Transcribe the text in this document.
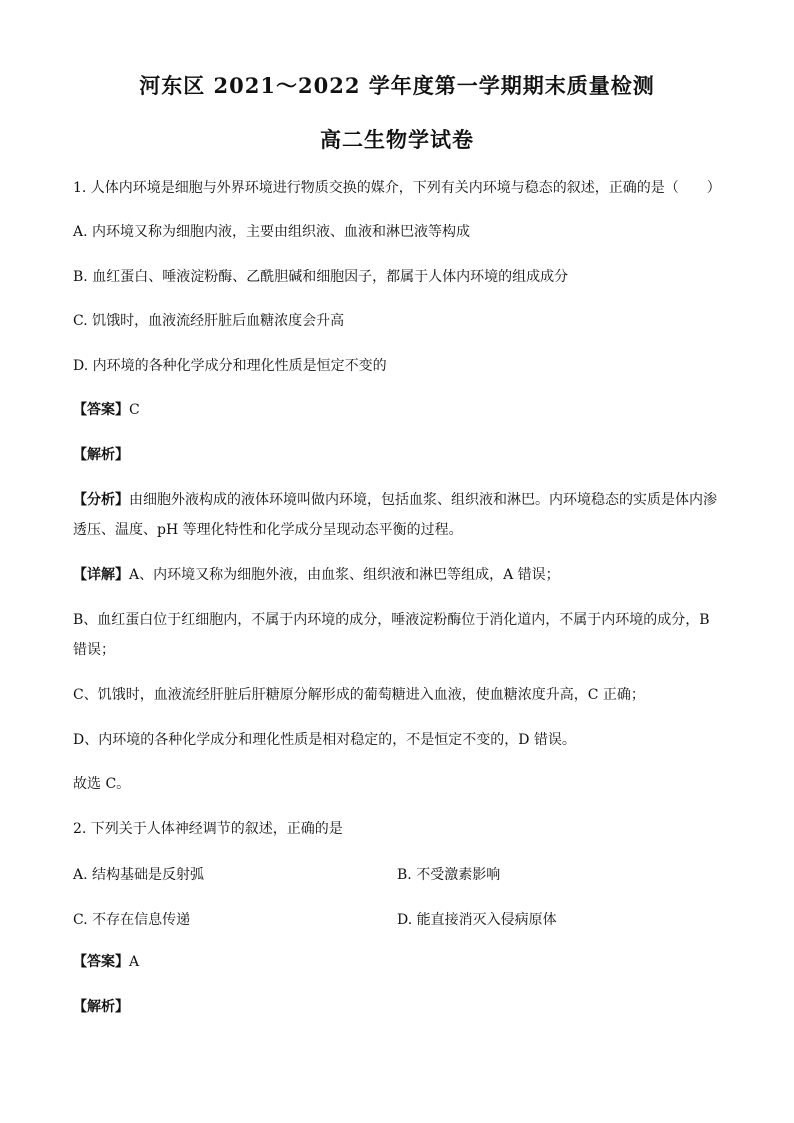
河东区 2021～2022 学年度第一学期期末质量检测
高二生物学试卷
1. 人体内环境是细胞与外界环境进行物质交换的媒介，下列有关内环境与稳态的叙述，正确的是（　　）
A. 内环境又称为细胞内液，主要由组织液、血液和淋巴液等构成
B. 血红蛋白、唾液淀粉酶、乙酰胆碱和细胞因子，都属于人体内环境的组成成分
C. 饥饿时，血液流经肝脏后血糖浓度会升高
D. 内环境的各种化学成分和理化性质是恒定不变的
【答案】C
【解析】
【分析】由细胞外液构成的液体环境叫做内环境，包括血浆、组织液和淋巴。内环境稳态的实质是体内渗
透压、温度、pH 等理化特性和化学成分呈现动态平衡的过程。
【详解】A、内环境又称为细胞外液，由血浆、组织液和淋巴等组成，A 错误；
B、血红蛋白位于红细胞内，不属于内环境的成分，唾液淀粉酶位于消化道内，不属于内环境的成分，B
错误；
C、饥饿时，血液流经肝脏后肝糖原分解形成的葡萄糖进入血液，使血糖浓度升高，C 正确；
D、内环境的各种化学成分和理化性质是相对稳定的，不是恒定不变的，D 错误。
故选 C。
2. 下列关于人体神经调节的叙述，正确的是
A. 结构基础是反射弧	B. 不受激素影响
C. 不存在信息传递	D. 能直接消灭入侵病原体
【答案】A
【解析】
